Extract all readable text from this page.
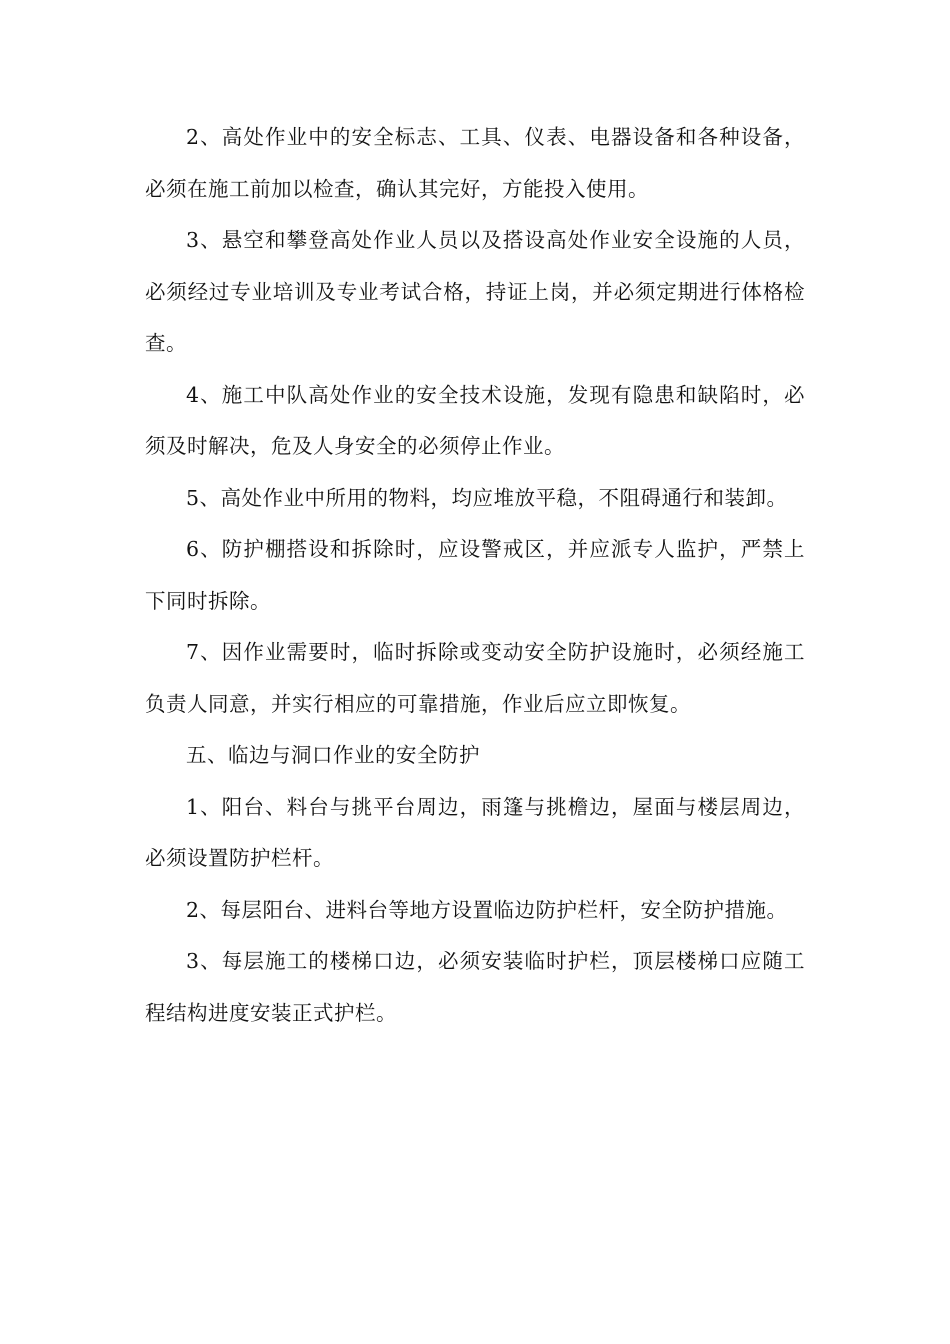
2、高处作业中的安全标志、工具、仪表、电器设备和各种设备，必须在施工前加以检查，确认其完好，方能投入使用。

3、悬空和攀登高处作业人员以及搭设高处作业安全设施的人员，必须经过专业培训及专业考试合格，持证上岗，并必须定期进行体格检查。

4、施工中队高处作业的安全技术设施，发现有隐患和缺陷时，必须及时解决，危及人身安全的必须停止作业。

5、高处作业中所用的物料，均应堆放平稳，不阻碍通行和装卸。

6、防护棚搭设和拆除时，应设警戒区，并应派专人监护，严禁上下同时拆除。

7、因作业需要时，临时拆除或变动安全防护设施时，必须经施工负责人同意，并实行相应的可靠措施，作业后应立即恢复。

五、临边与洞口作业的安全防护

1、阳台、料台与挑平台周边，雨篷与挑檐边，屋面与楼层周边，必须设置防护栏杆。

2、每层阳台、进料台等地方设置临边防护栏杆，安全防护措施。

3、每层施工的楼梯口边，必须安装临时护栏，顶层楼梯口应随工程结构进度安装正式护栏。
